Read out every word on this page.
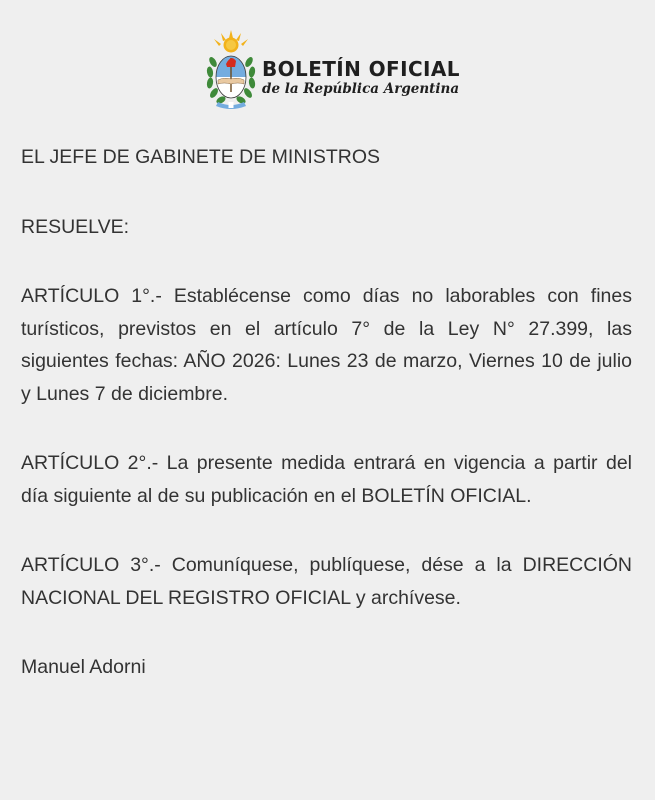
BOLETÍN OFICIAL
de la República Argentina

EL JEFE DE GABINETE DE MINISTROS

RESUELVE:

ARTÍCULO 1°.- Establécense como días no laborables con fines turísticos, previstos en el artículo 7° de la Ley N° 27.399, las siguientes fechas: AÑO 2026: Lunes 23 de marzo, Viernes 10 de julio y Lunes 7 de diciembre.

ARTÍCULO 2°.- La presente medida entrará en vigencia a partir del día siguiente al de su publicación en el BOLETÍN OFICIAL.

ARTÍCULO 3°.- Comuníquese, publíquese, dése a la DIRECCIÓN NACIONAL DEL REGISTRO OFICIAL y archívese.

Manuel Adorni
